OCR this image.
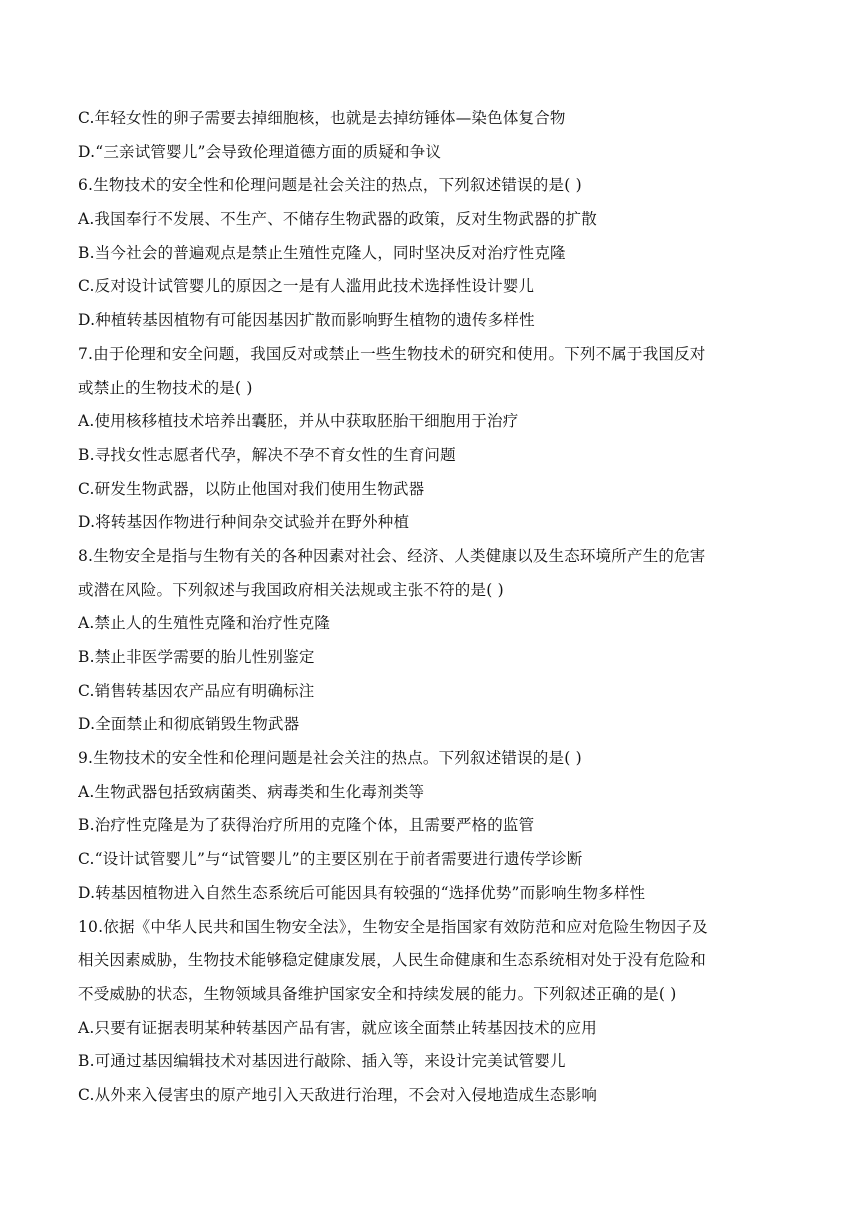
C.年轻女性的卵子需要去掉细胞核，也就是去掉纺锤体—染色体复合物
D.“三亲试管婴儿”会导致伦理道德方面的质疑和争议
6.生物技术的安全性和伦理问题是社会关注的热点，下列叙述错误的是( )
A.我国奉行不发展、不生产、不储存生物武器的政策，反对生物武器的扩散
B.当今社会的普遍观点是禁止生殖性克隆人，同时坚决反对治疗性克隆
C.反对设计试管婴儿的原因之一是有人滥用此技术选择性设计婴儿
D.种植转基因植物有可能因基因扩散而影响野生植物的遗传多样性
7.由于伦理和安全问题，我国反对或禁止一些生物技术的研究和使用。下列不属于我国反对
或禁止的生物技术的是( )
A.使用核移植技术培养出囊胚，并从中获取胚胎干细胞用于治疗
B.寻找女性志愿者代孕，解决不孕不育女性的生育问题
C.研发生物武器，以防止他国对我们使用生物武器
D.将转基因作物进行种间杂交试验并在野外种植
8.生物安全是指与生物有关的各种因素对社会、经济、人类健康以及生态环境所产生的危害
或潜在风险。下列叙述与我国政府相关法规或主张不符的是( )
A.禁止人的生殖性克隆和治疗性克隆
B.禁止非医学需要的胎儿性别鉴定
C.销售转基因农产品应有明确标注
D.全面禁止和彻底销毁生物武器
9.生物技术的安全性和伦理问题是社会关注的热点。下列叙述错误的是( )
A.生物武器包括致病菌类、病毒类和生化毒剂类等
B.治疗性克隆是为了获得治疗所用的克隆个体，且需要严格的监管
C.“设计试管婴儿”与“试管婴儿”的主要区别在于前者需要进行遗传学诊断
D.转基因植物进入自然生态系统后可能因具有较强的“选择优势”而影响生物多样性
10.依据《中华人民共和国生物安全法》，生物安全是指国家有效防范和应对危险生物因子及
相关因素威胁，生物技术能够稳定健康发展，人民生命健康和生态系统相对处于没有危险和
不受威胁的状态，生物领域具备维护国家安全和持续发展的能力。下列叙述正确的是( )
A.只要有证据表明某种转基因产品有害，就应该全面禁止转基因技术的应用
B.可通过基因编辑技术对基因进行敲除、插入等，来设计完美试管婴儿
C.从外来入侵害虫的原产地引入天敌进行治理，不会对入侵地造成生态影响
